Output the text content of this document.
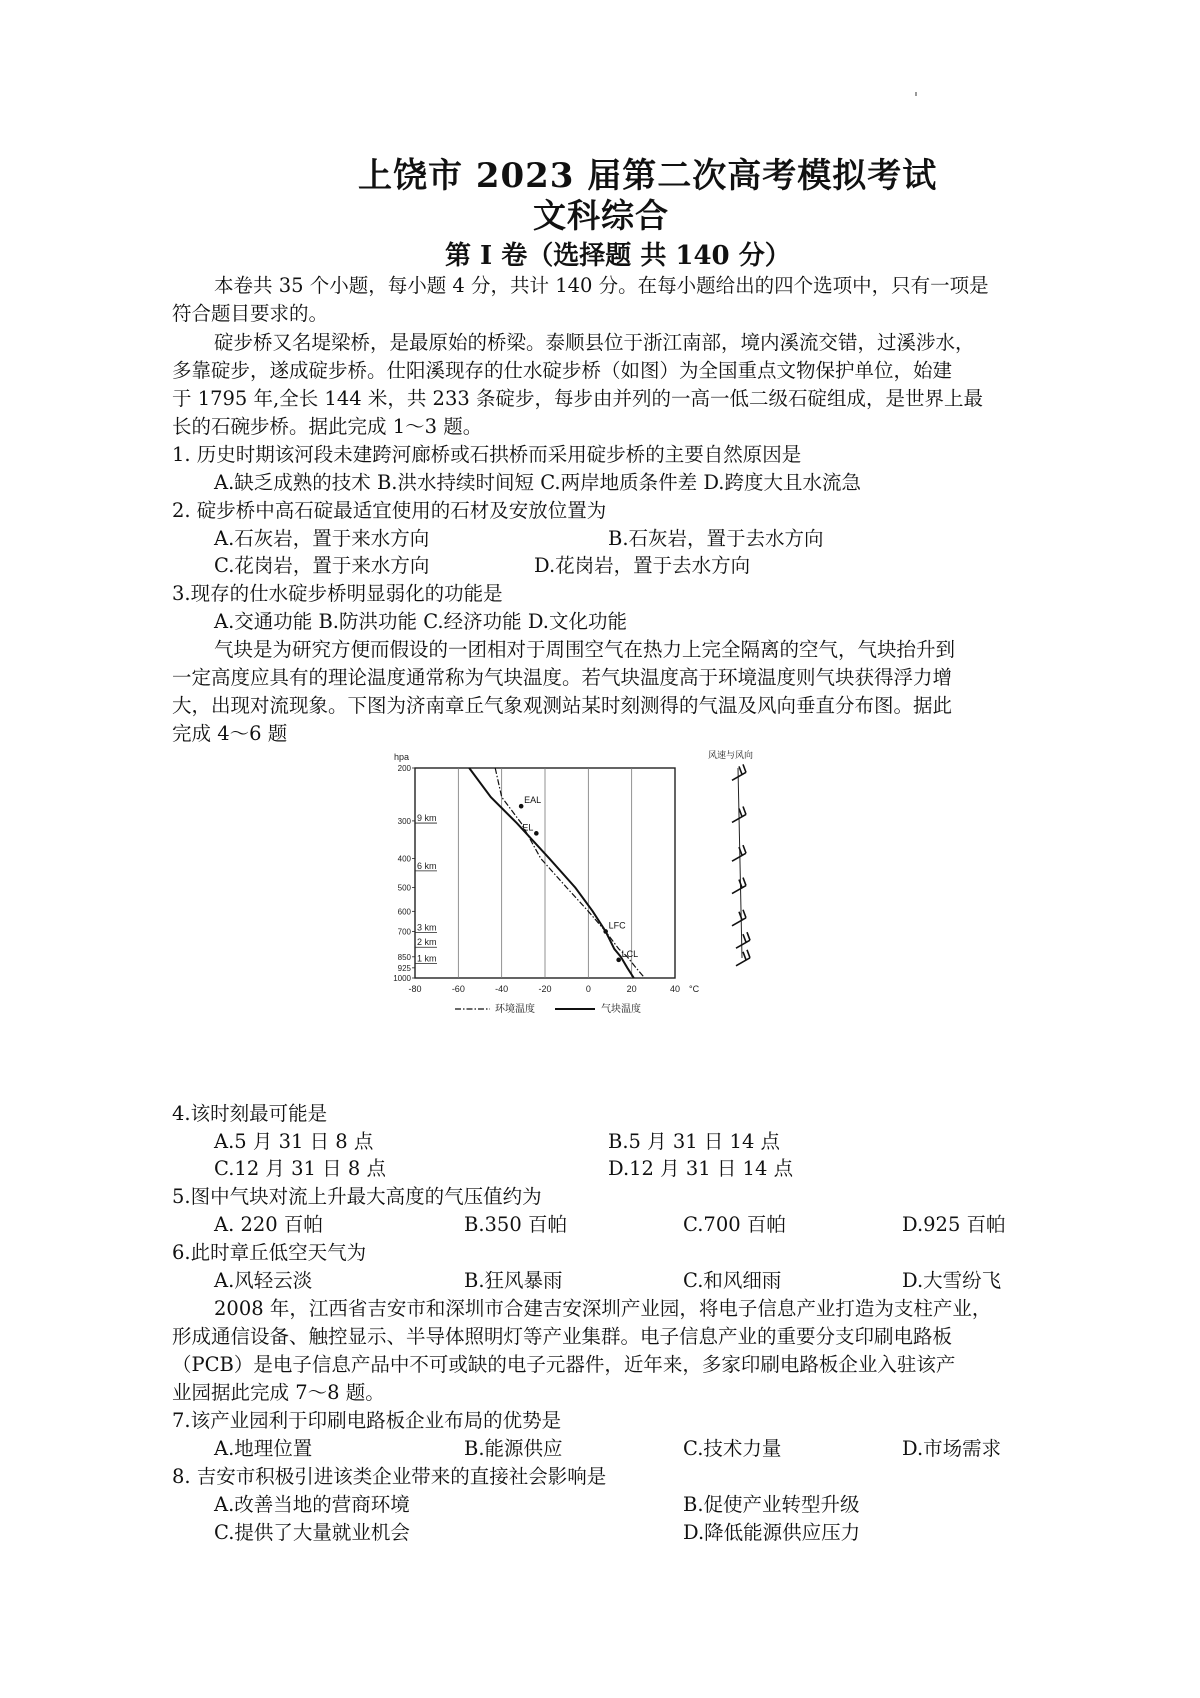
上饶市 2023 届第二次高考模拟考试
文科综合
第 I 卷（选择题 共 140 分）
本卷共 35 个小题，每小题 4 分，共计 140 分。在每小题给出的四个选项中，只有一项是
符合题目要求的。
碇步桥又名堤梁桥，是最原始的桥梁。泰顺县位于浙江南部，境内溪流交错，过溪涉水，
多靠碇步，遂成碇步桥。仕阳溪现存的仕水碇步桥（如图）为全国重点文物保护单位，始建
于 1795 年,全长 144 米，共 233 条碇步，每步由并列的一高一低二级石碇组成，是世界上最
长的石碗步桥。据此完成 1～3 题。
1. 历史时期该河段未建跨河廊桥或石拱桥而采用碇步桥的主要自然原因是
A.缺乏成熟的技术 B.洪水持续时间短 C.两岸地质条件差 D.跨度大且水流急
2. 碇步桥中高石碇最适宜使用的石材及安放位置为
A.石灰岩，置于来水方向	B.石灰岩，置于去水方向
C.花岗岩，置于来水方向	D.花岗岩，置于去水方向
3.现存的仕水碇步桥明显弱化的功能是
A.交通功能 B.防洪功能 C.经济功能 D.文化功能
气块是为研究方便而假设的一团相对于周围空气在热力上完全隔离的空气，气块抬升到
一定高度应具有的理论温度通常称为气块温度。若气块温度高于环境温度则气块获得浮力增
大，出现对流现象。下图为济南章丘气象观测站某时刻测得的气温及风向垂直分布图。据此
完成 4～6 题
-80	-60	-40	-20	0	20	40 °C
200
300
400
500
600
700
850
925
1000
hpa
9 km
6 km
3 km
2 km
1 km
EAL
EL
LFC
LCL
风速与风向
环境温度	气块温度
4.该时刻最可能是
A.5 月 31 日 8 点	B.5 月 31 日 14 点
C.12 月 31 日 8 点	D.12 月 31 日 14 点
5.图中气块对流上升最大高度的气压值约为
A. 220 百帕	B.350 百帕	C.700 百帕	D.925 百帕
6.此时章丘低空天气为
A.风轻云淡	B.狂风暴雨	C.和风细雨	D.大雪纷飞
2008 年，江西省吉安市和深圳市合建吉安深圳产业园，将电子信息产业打造为支柱产业，
形成通信设备、触控显示、半导体照明灯等产业集群。电子信息产业的重要分支印刷电路板
（PCB）是电子信息产品中不可或缺的电子元器件，近年来，多家印刷电路板企业入驻该产
业园据此完成 7～8 题。
7.该产业园利于印刷电路板企业布局的优势是
A.地理位置	B.能源供应	C.技术力量	D.市场需求
8. 吉安市积极引进该类企业带来的直接社会影响是
A.改善当地的营商环境	B.促使产业转型升级
C.提供了大量就业机会	D.降低能源供应压力
